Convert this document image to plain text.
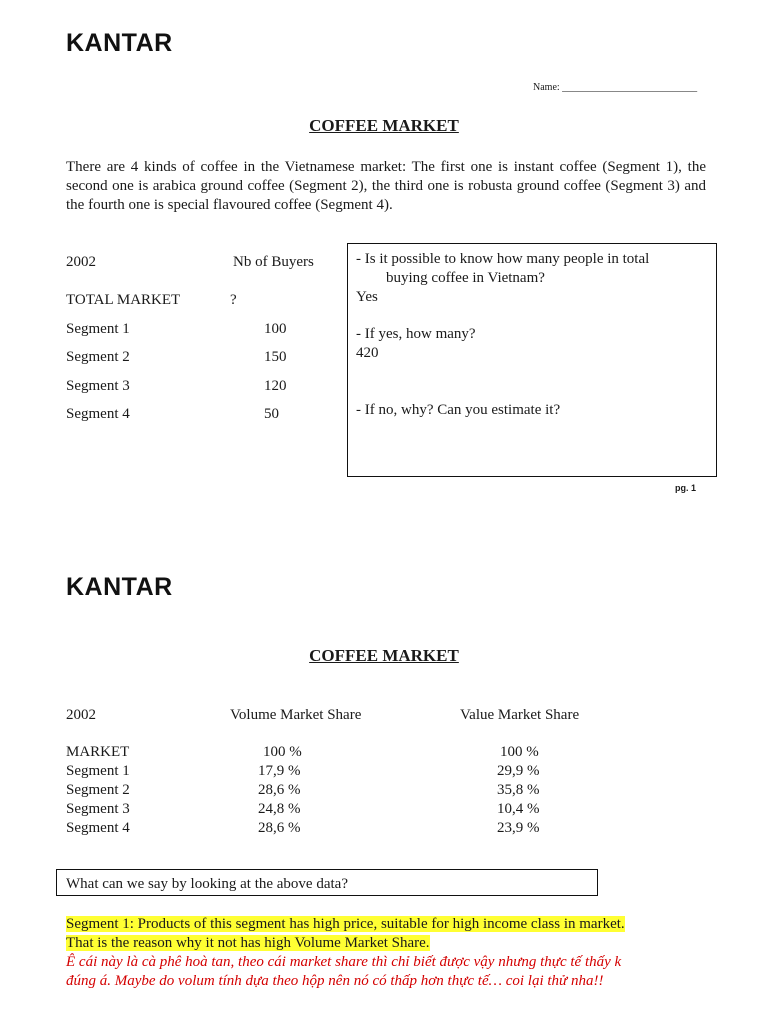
KANTAR
Name: ___________________________
COFFEE MARKET
There are 4 kinds of coffee in the Vietnamese market: The first one is instant coffee (Segment 1), the second one is arabica ground coffee (Segment 2), the third one is robusta ground coffee (Segment 3) and the fourth one is special flavoured coffee (Segment 4).
2002	Nb of Buyers
TOTAL MARKET	?
Segment 1	100
Segment 2	150
Segment 3	120
Segment 4	50
- Is it possible to know how many people in total
buying coffee in Vietnam?
Yes
- If yes, how many?
420
- If no, why? Can you estimate it?
pg. 1
KANTAR
COFFEE MARKET
2002	Volume Market Share	Value Market Share
MARKET	100 %	100 %
Segment 1	17,9 %	29,9 %
Segment 2	28,6 %	35,8 %
Segment 3	24,8 %	10,4 %
Segment 4	28,6 %	23,9 %
What can we say by looking at the above data?
Segment 1: Products of this segment has high price, suitable for high income class in market.
That is the reason why it not has high Volume Market Share.
Ê cái này là cà phê hoà tan, theo cái market share thì chỉ biết được vậy nhưng thực tế thấy k
đúng á. Maybe do volum tính dựa theo hộp nên nó có thấp hơn thực tế… coi lại thử nha!!
